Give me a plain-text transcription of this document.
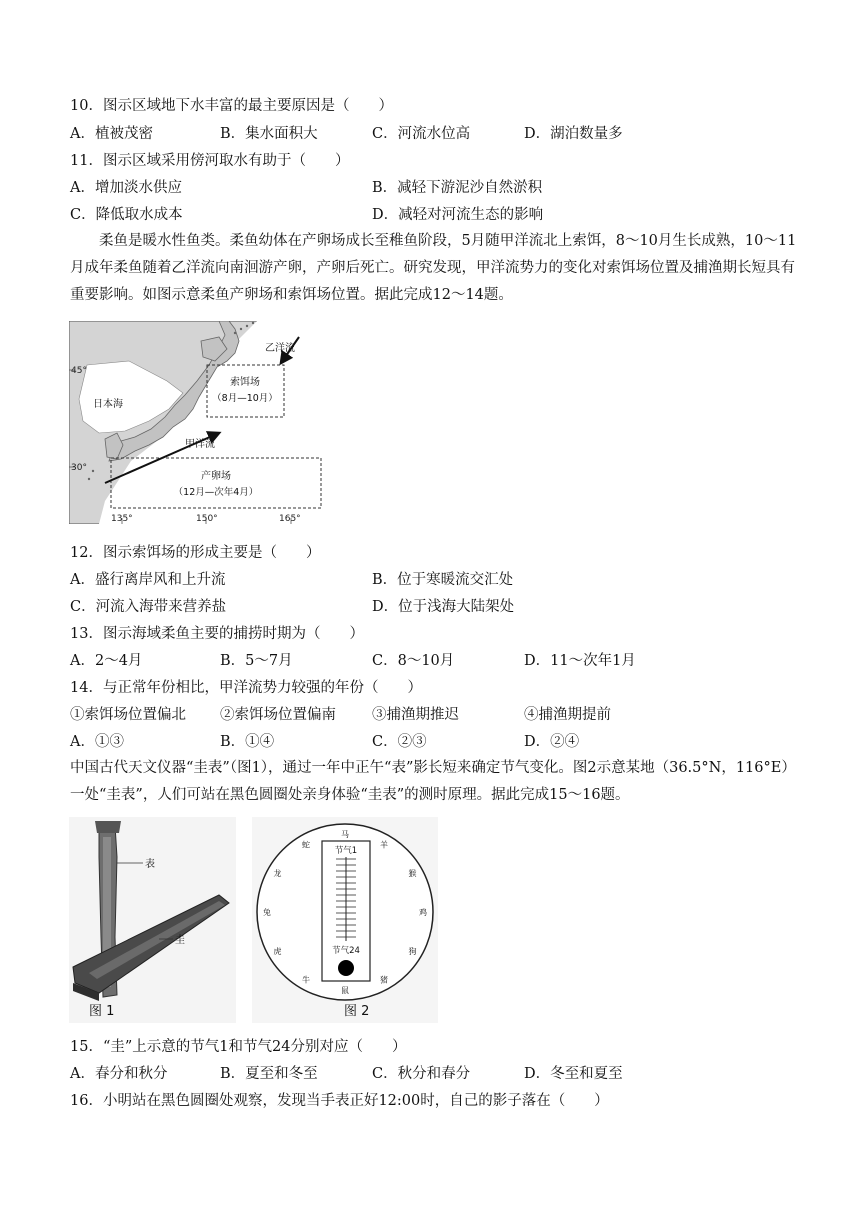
10．图示区域地下水丰富的最主要原因是（　　）
A．植被茂密	B．集水面积大	C．河流水位高	D．湖泊数量多
11．图示区域采用傍河取水有助于（　　）
A．增加淡水供应	B．减轻下游泥沙自然淤积
C．降低取水成本	D．减轻对河流生态的影响
柔鱼是暖水性鱼类。柔鱼幼体在产卵场成长至稚鱼阶段，5月随甲洋流北上索饵，8～10月生长成熟，10～11月成年柔鱼随着乙洋流向南洄游产卵，产卵后死亡。研究发现，甲洋流势力的变化对索饵场位置及捕渔期长短具有重要影响。如图示意柔鱼产卵场和索饵场位置。据此完成12～14题。
45°
30°
135°	150°	165°
日本海
索饵场
（8月—10月）
产卵场
（12月—次年4月）
甲洋流
乙洋流
12．图示索饵场的形成主要是（　　）
A．盛行离岸风和上升流	B．位于寒暖流交汇处
C．河流入海带来营养盐	D．位于浅海大陆架处
13．图示海域柔鱼主要的捕捞时期为（　　）
A．2～4月	B．5～7月	C．8～10月	D．11～次年1月
14．与正常年份相比，甲洋流势力较强的年份（　　）
①索饵场位置偏北 ②索饵场位置偏南 ③捕渔期推迟	④捕渔期提前
A．①③	B．①④	C．②③	D．②④
中国古代天文仪器“圭表”（图1），通过一年中正午“表”影长短来确定节气变化。图2示意某地（36.5°N，116°E）一处“圭表”，人们可站在黑色圆圈处亲身体验“圭表”的测时原理。据此完成15～16题。
表
圭
图 1
马
羊
猴
鸡
狗
猪
鼠
牛
虎
兔
龙
蛇
节气1
节气24
图 2
15．“圭”上示意的节气1和节气24分别对应（　　）
A．春分和秋分	B．夏至和冬至	C．秋分和春分	D．冬至和夏至
16．小明站在黑色圆圈处观察，发现当手表正好12:00时，自己的影子落在（　　）
